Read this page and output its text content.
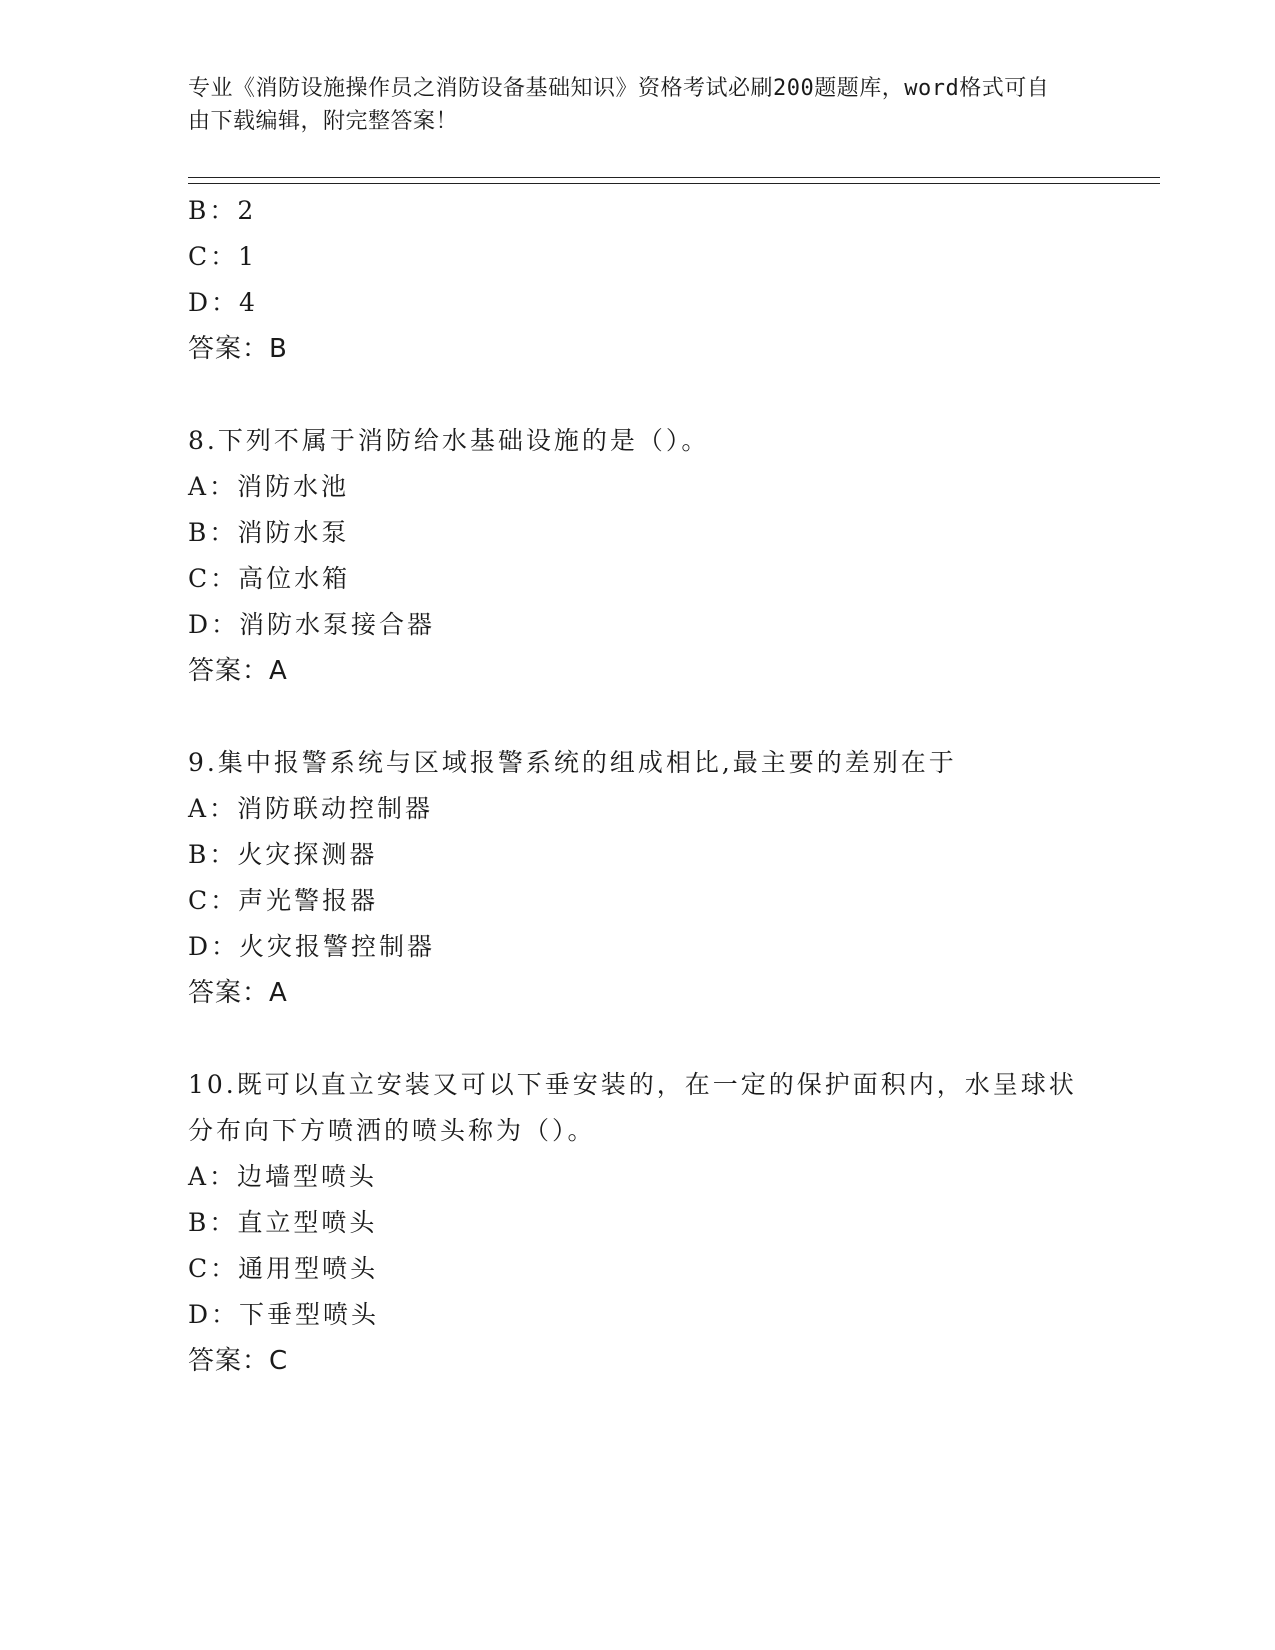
专业《消防设施操作员之消防设备基础知识》资格考试必刷200题题库，word格式可自由下载编辑，附完整答案！
B：2
C：1
D：4
答案：B
8.下列不属于消防给水基础设施的是（）。
A：消防水池
B：消防水泵
C：高位水箱
D：消防水泵接合器
答案：A
9.集中报警系统与区域报警系统的组成相比,最主要的差别在于
A：消防联动控制器
B：火灾探测器
C：声光警报器
D：火灾报警控制器
答案：A
10.既可以直立安装又可以下垂安装的，在一定的保护面积内，水呈球状分布向下方喷洒的喷头称为（）。
A：边墙型喷头
B：直立型喷头
C：通用型喷头
D：下垂型喷头
答案：C
